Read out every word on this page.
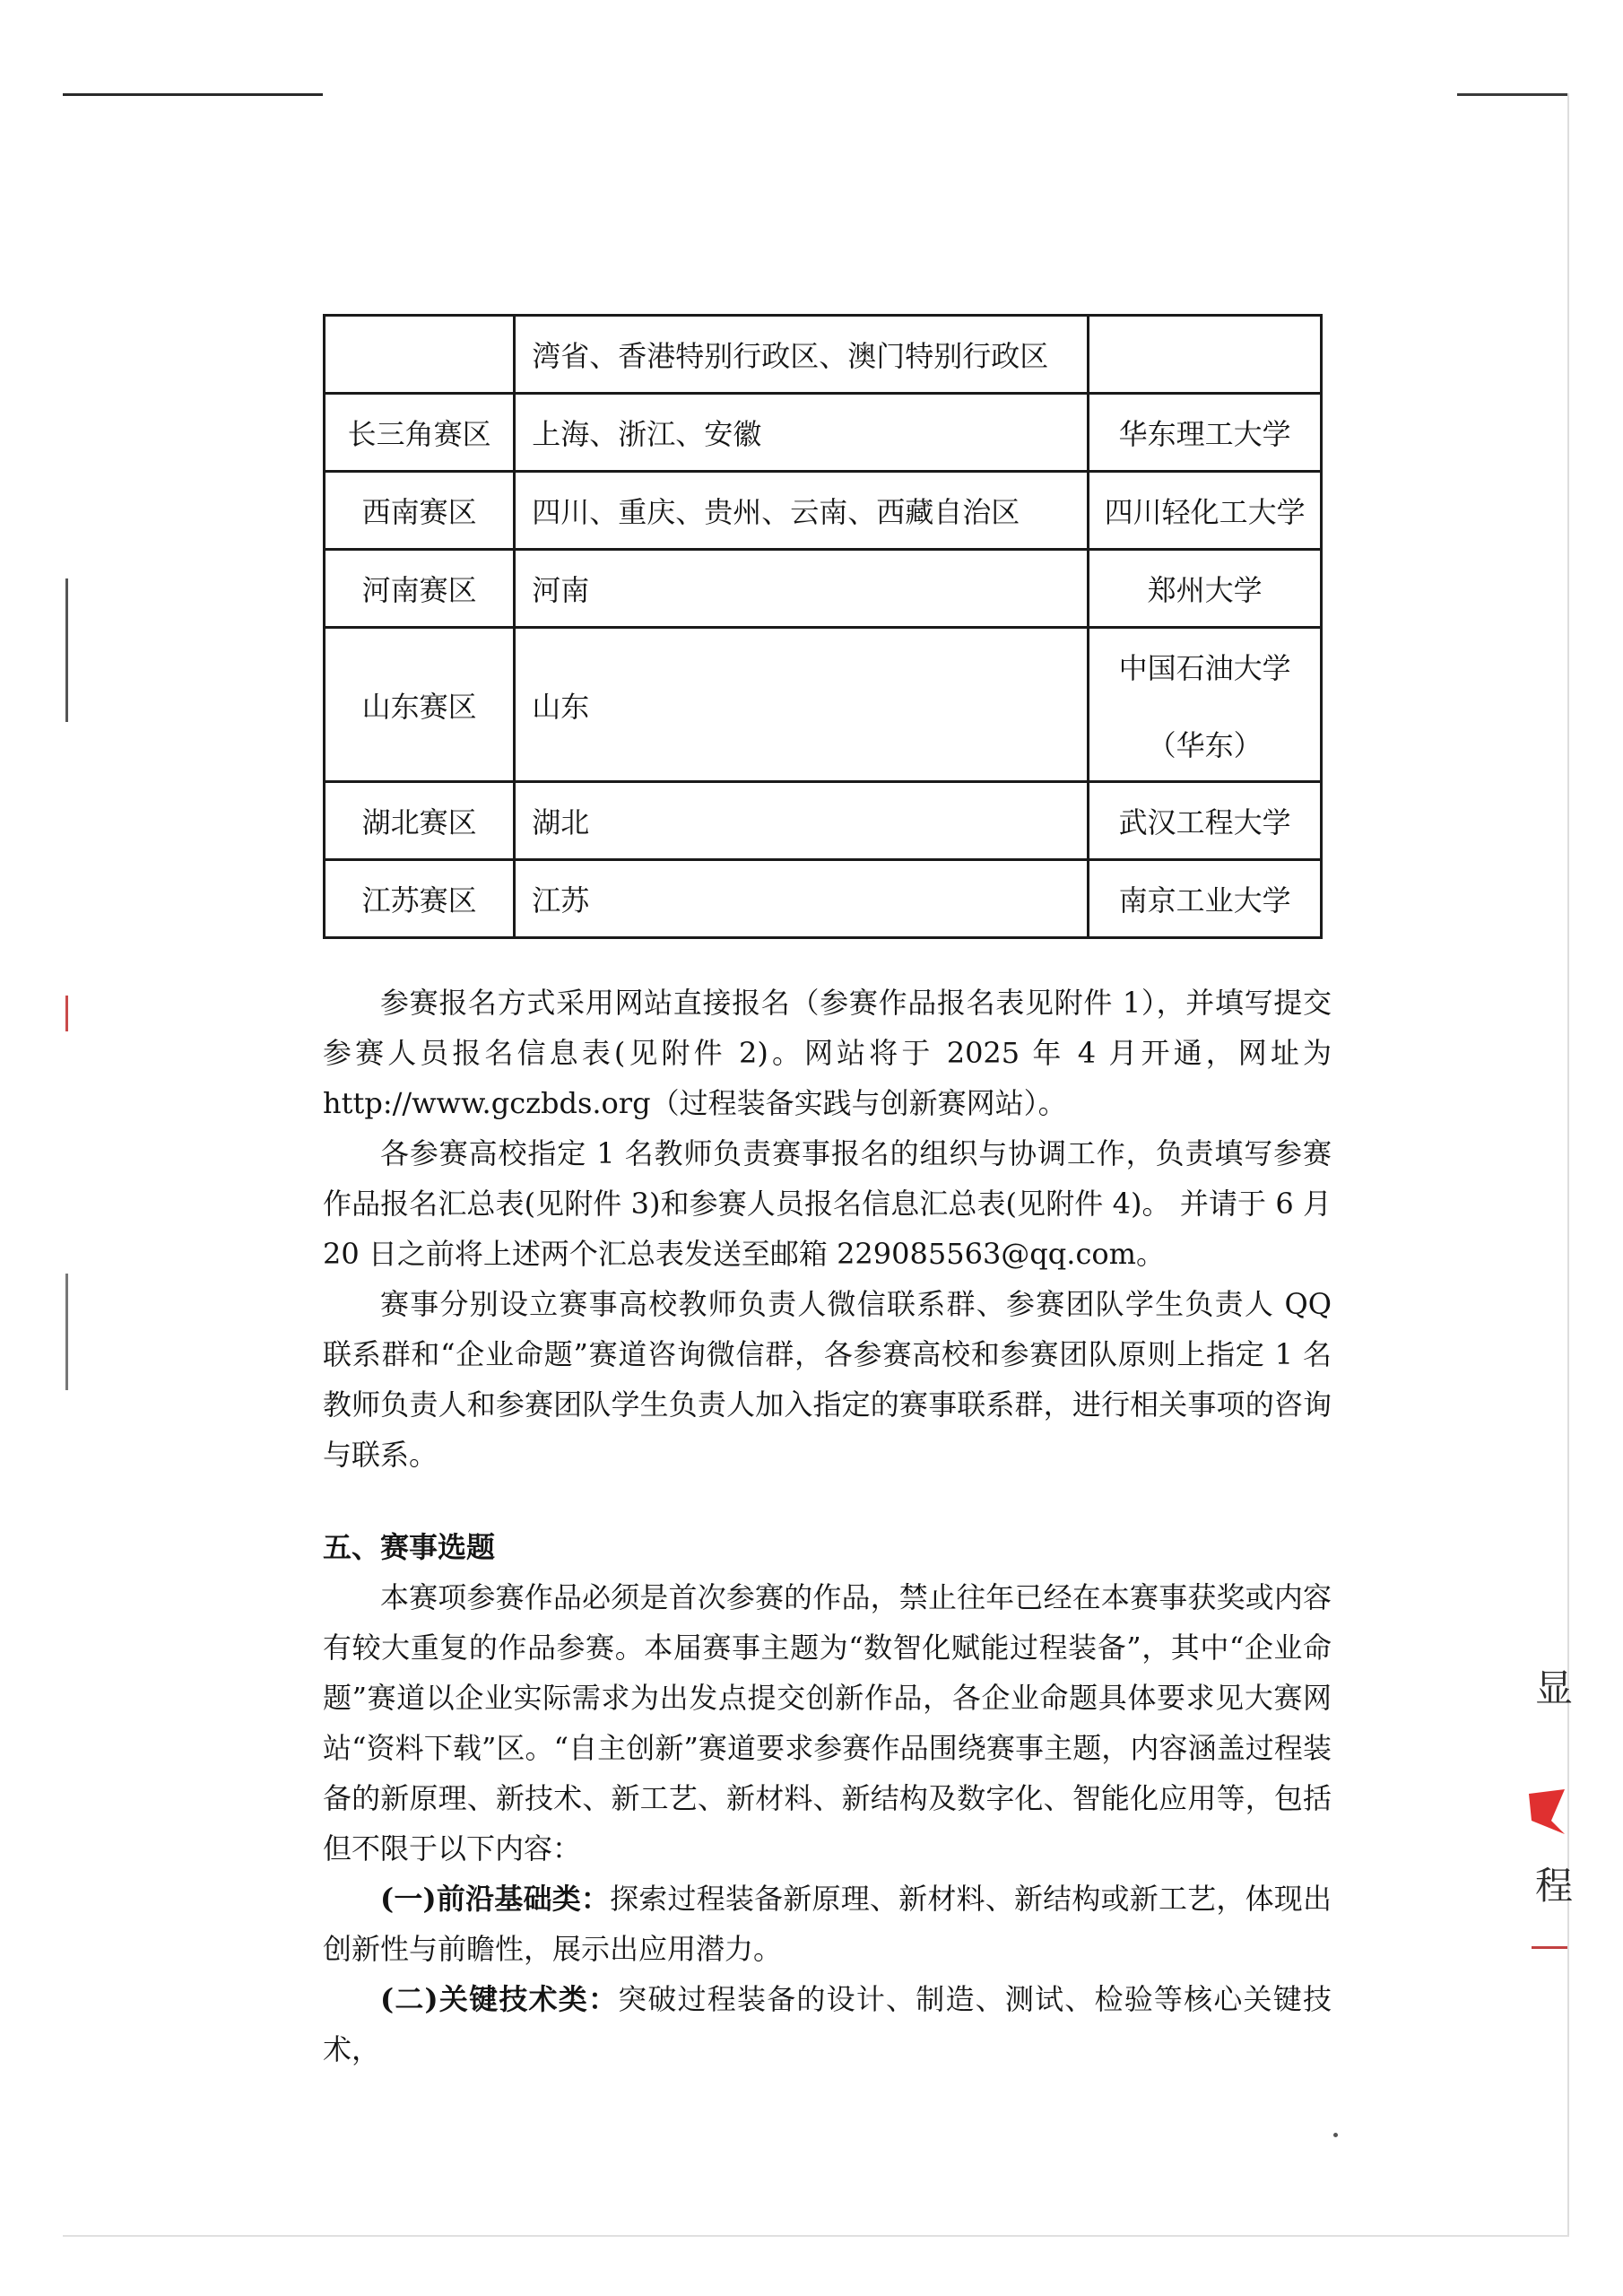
	湾省、香港特别行政区、澳门特别行政区	
长三角赛区	上海、浙江、安徽	华东理工大学
西南赛区	四川、重庆、贵州、云南、西藏自治区	四川轻化工大学
河南赛区	河南	郑州大学
山东赛区	山东	中国石油大学
（华东）

湖北赛区	湖北	武汉工程大学
江苏赛区	江苏	南京工业大学

参赛报名方式采用网站直接报名（参赛作品报名表见附件 1），并填写提交参赛人员报名信息表(见附件 2)。网站将于 2025 年 4 月开通，网址为 http://www.gczbds.org（过程装备实践与创新赛网站）。

各参赛高校指定 1 名教师负责赛事报名的组织与协调工作，负责填写参赛作品报名汇总表(见附件 3)和参赛人员报名信息汇总表(见附件 4)。 并请于 6 月 20 日之前将上述两个汇总表发送至邮箱 229085563@qq.com。

赛事分别设立赛事高校教师负责人微信联系群、参赛团队学生负责人 QQ 联系群和“企业命题”赛道咨询微信群，各参赛高校和参赛团队原则上指定 1 名教师负责人和参赛团队学生负责人加入指定的赛事联系群，进行相关事项的咨询与联系。

五、赛事选题

本赛项参赛作品必须是首次参赛的作品，禁止往年已经在本赛事获奖或内容有较大重复的作品参赛。本届赛事主题为“数智化赋能过程装备”，其中“企业命题”赛道以企业实际需求为出发点提交创新作品，各企业命题具体要求见大赛网站“资料下载”区。“自主创新”赛道要求参赛作品围绕赛事主题，内容涵盖过程装备的新原理、新技术、新工艺、新材料、新结构及数字化、智能化应用等，包括但不限于以下内容：

(一)前沿基础类：探索过程装备新原理、新材料、新结构或新工艺，体现出创新性与前瞻性，展示出应用潜力。

(二)关键技术类：突破过程装备的设计、制造、测试、检验等核心关键技术，

显
程
